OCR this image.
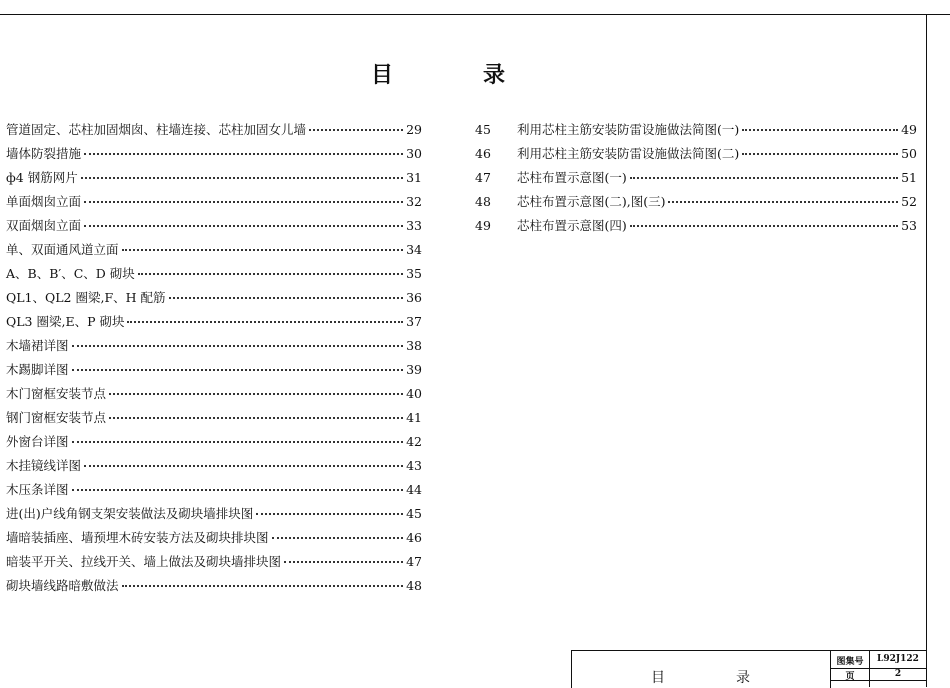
目	录
管道固定、芯柱加固烟囱、柱墙连接、芯柱加固女儿墙	29
墙体防裂措施	30
ф4 钢筋网片	31
单面烟囱立面	32
双面烟囱立面	33
单、双面通风道立面	34
A、B、B′、C、D 砌块	35
QL1、QL2 圈梁,F、H 配筋	36
QL3 圈梁,E、P 砌块	37
木墙裙详图	38
木踢脚详图	39
木门窗框安装节点	40
钢门窗框安装节点	41
外窗台详图	42
木挂镜线详图	43
木压条详图	44
进(出)户线角钢支架安装做法及砌块墙排块图	45
墙暗装插座、墙预埋木砖安装方法及砌块排块图	46
暗装平开关、拉线开关、墙上做法及砌块墙排块图	47
砌块墙线路暗敷做法	48
45	利用芯柱主筋安装防雷设施做法简图(一)	49
46	利用芯柱主筋安装防雷设施做法简图(二)	50
47	芯柱布置示意图(一)	51
48	芯柱布置示意图(二),图(三)	52
49	芯柱布置示意图(四)	53
目	录
图集号	L92J122
页	2
